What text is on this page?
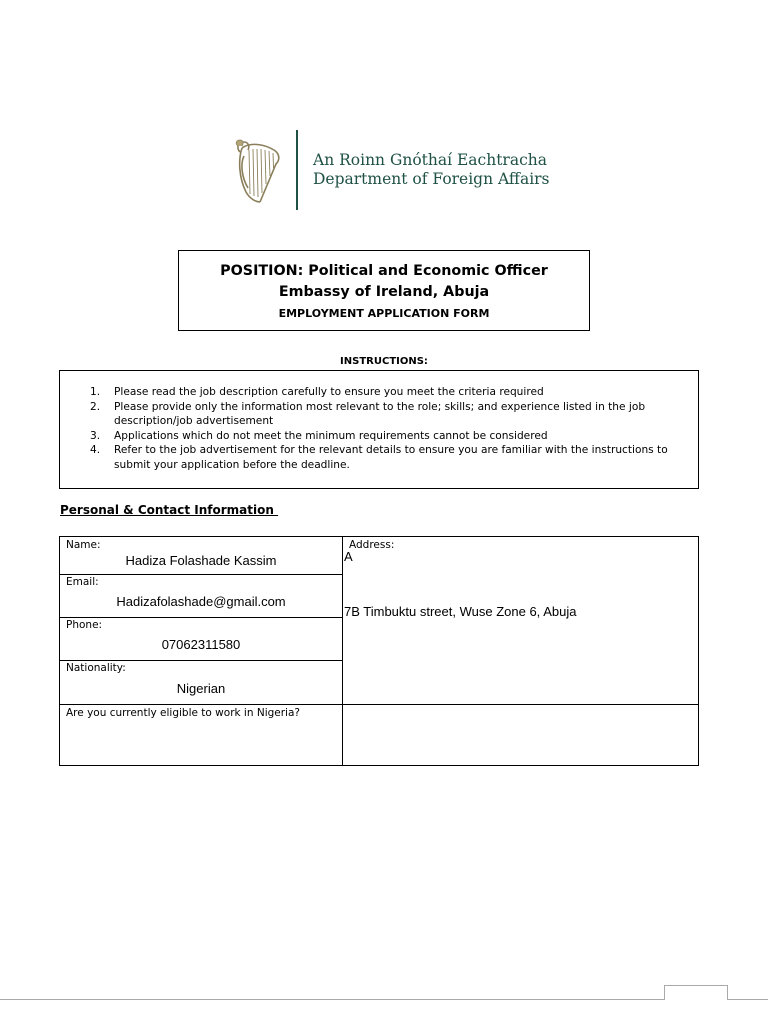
An Roinn Gnóthaí Eachtracha
Department of Foreign Affairs
POSITION: Political and Economic Officer
Embassy of Ireland, Abuja
EMPLOYMENT APPLICATION FORM
INSTRUCTIONS:
1. Please read the job description carefully to ensure you meet the criteria required
2. Please provide only the information most relevant to the role; skills; and experience listed in the job description/job advertisement
3. Applications which do not meet the minimum requirements cannot be considered
4. Refer to the job advertisement for the relevant details to ensure you are familiar with the instructions to submit your application before the deadline.
Personal & Contact Information
Name:
Hadiza Folashade Kassim
Email:
Hadizafolashade@gmail.com
Phone:
07062311580
Nationality:
Nigerian
Address:
A
7B Timbuktu street, Wuse Zone 6, Abuja
Are you currently eligible to work in Nigeria?
